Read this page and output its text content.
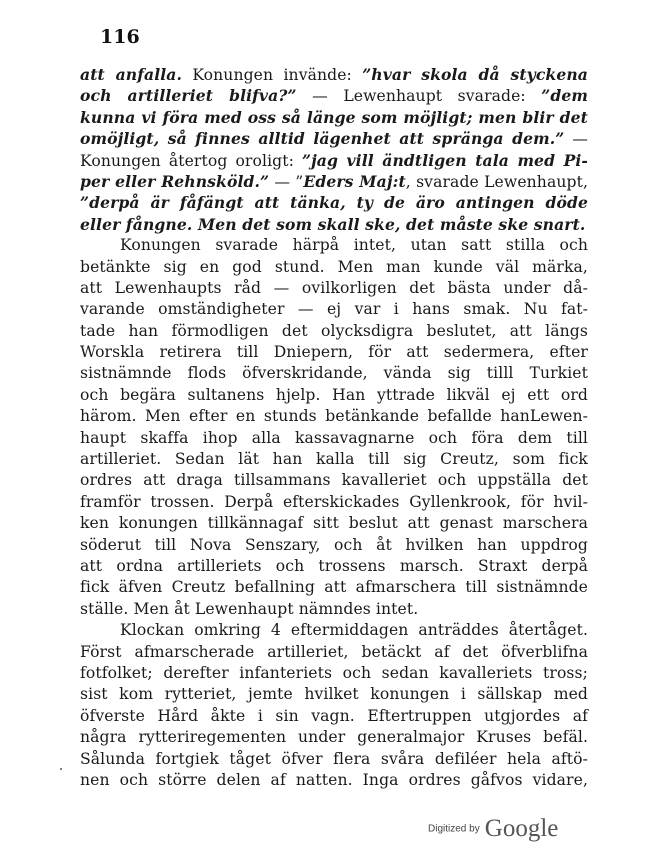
116
att anfalla. Konungen invände: ”hvar skola då styckena
och artilleriet blifva?” — Lewenhaupt svarade: ”dem
kunna vi föra med oss så länge som möjligt; men blir det
omöjligt, så finnes alltid lägenhet att spränga dem.” —
Konungen återtog oroligt: ”jag vill ändtligen tala med Pi-
per eller Rehnsköld.” — ”Eders Maj:t, svarade Lewenhaupt,
”derpå är fåfängt att tänka, ty de äro antingen döde
eller fångne. Men det som skall ske, det måste ske snart.
Konungen svarade härpå intet, utan satt stilla och
betänkte sig en god stund. Men man kunde väl märka,
att Lewenhaupts råd — ovilkorligen det bästa under då-
varande omständigheter — ej var i hans smak. Nu fat-
tade han förmodligen det olycksdigra beslutet, att längs
Worskla retirera till Dniepern, för att sedermera, efter
sistnämnde flods öfverskridande, vända sig tilll Turkiet
och begära sultanens hjelp. Han yttrade likväl ej ett ord
härom. Men efter en stunds betänkande befallde hanLewen-
haupt skaffa ihop alla kassavagnarne och föra dem till
artilleriet. Sedan lät han kalla till sig Creutz, som fick
ordres att draga tillsammans kavalleriet och uppställa det
framför trossen. Derpå efterskickades Gyllenkrook, för hvil-
ken konungen tillkännagaf sitt beslut att genast marschera
söderut till Nova Senszary, och åt hvilken han uppdrog
att ordna artilleriets och trossens marsch. Straxt derpå
fick äfven Creutz befallning att afmarschera till sistnämnde
ställe. Men åt Lewenhaupt nämndes intet.
Klockan omkring 4 eftermiddagen anträddes återtåget.
Först afmarscherade artilleriet, betäckt af det öfverblifna
fotfolket; derefter infanteriets och sedan kavalleriets tross;
sist kom rytteriet, jemte hvilket konungen i sällskap med
öfverste Hård åkte i sin vagn. Eftertruppen utgjordes af
några rytteriregementen under generalmajor Kruses befäl.
Sålunda fortgiek tåget öfver flera svåra defiléer hela aftö-
nen och större delen af natten. Inga ordres gåfvos vidare,
Digitized by Google
